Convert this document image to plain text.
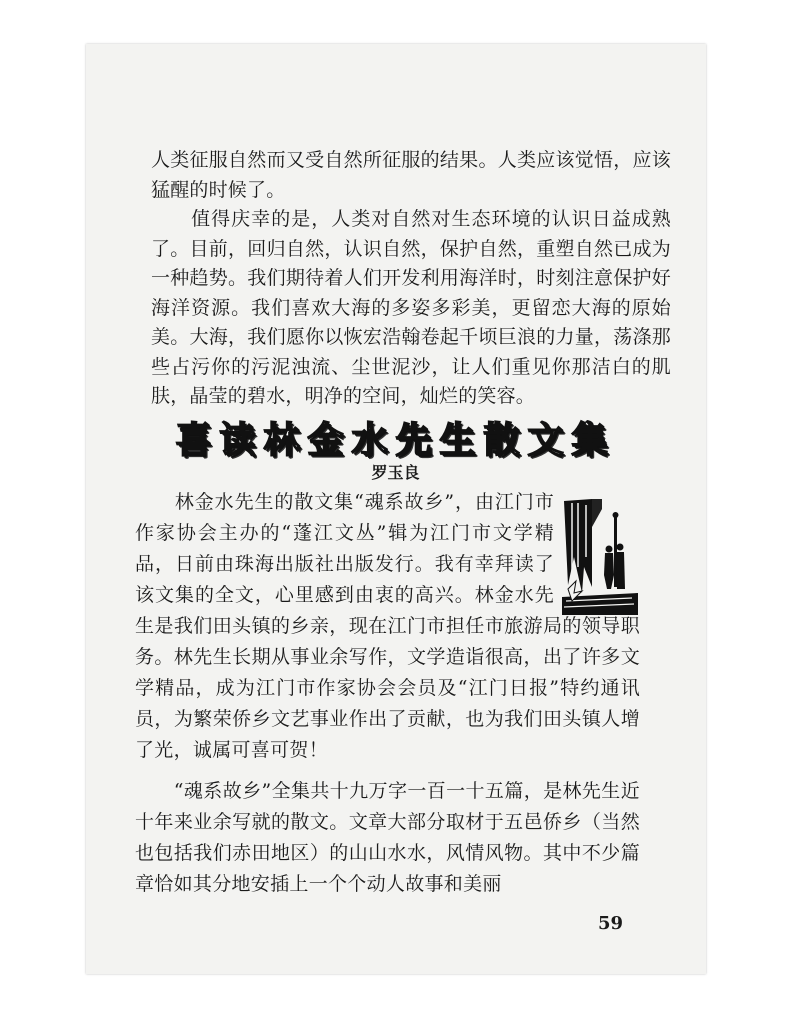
人类征服自然而又受自然所征服的结果。人类应该觉悟，应该猛醒的时候了。

　　值得庆幸的是，人类对自然对生态环境的认识日益成熟了。目前，回归自然，认识自然，保护自然，重塑自然已成为一种趋势。我们期待着人们开发利用海洋时，时刻注意保护好海洋资源。我们喜欢大海的多姿多彩美，更留恋大海的原始美。大海，我们愿你以恢宏浩翰卷起千顷巨浪的力量，荡涤那些占污你的污泥浊流、尘世泥沙，让人们重见你那洁白的肌肤，晶莹的碧水，明净的空间，灿烂的笑容。

喜读林金水先生散文集

罗玉良

　　林金水先生的散文集“魂系故乡”，由江门市作家协会主办的“蓬江文丛”辑为江门市文学精品，日前由珠海出版社出版发行。我有幸拜读了该文集的全文，心里感到由衷的高兴。林金水先生是我们田头镇的乡亲，现在江门市担任市旅游局的领导职务。林先生长期从事业余写作，文学造诣很高，出了许多文学精品，成为江门市作家协会会员及“江门日报”特约通讯员，为繁荣侨乡文艺事业作出了贡献，也为我们田头镇人增了光，诚属可喜可贺！

　　“魂系故乡”全集共十九万字一百一十五篇，是林先生近十年来业余写就的散文。文章大部分取材于五邑侨乡（当然也包括我们赤田地区）的山山水水，风情风物。其中不少篇章恰如其分地安插上一个个动人故事和美丽

59
